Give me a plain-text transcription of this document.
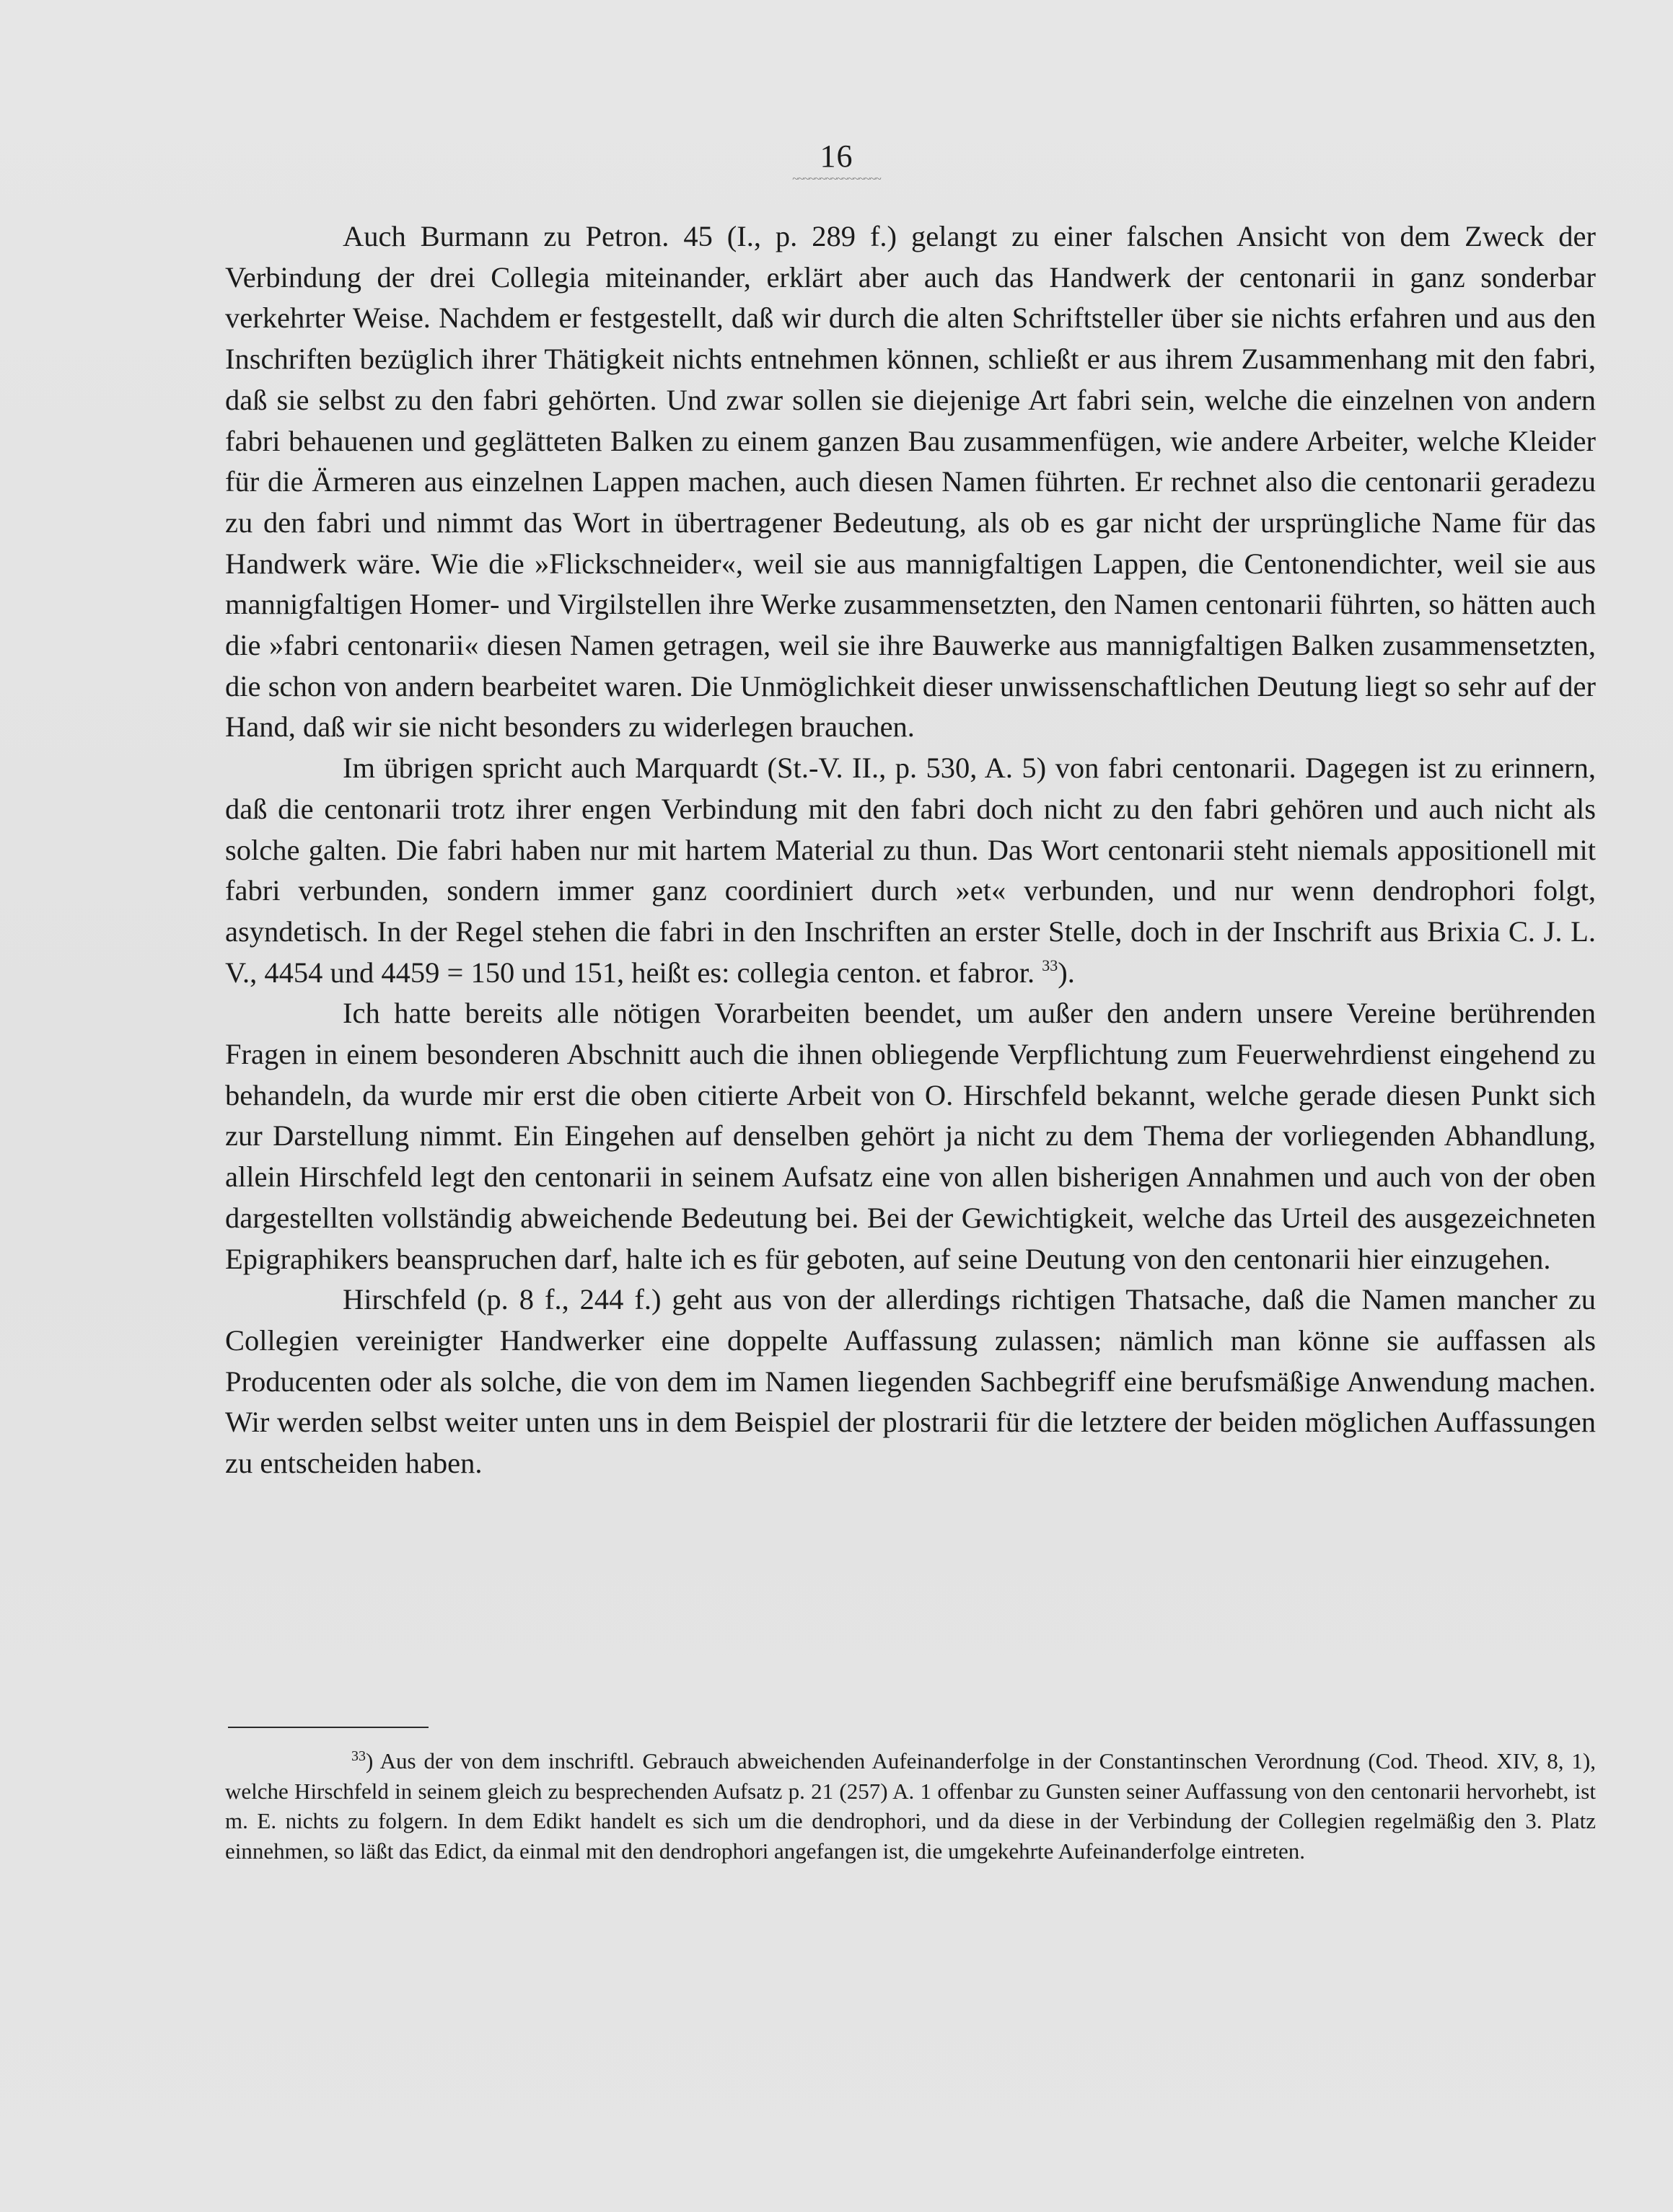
16
~~~~~~~~~~~~~~~~

Auch Burmann zu Petron. 45 (I., p. 289 f.) gelangt zu einer falschen Ansicht von dem Zweck der Verbindung der drei Collegia miteinander, erklärt aber auch das Handwerk der centonarii in ganz sonderbar verkehrter Weise. Nachdem er festgestellt, daß wir durch die alten Schriftsteller über sie nichts erfahren und aus den Inschriften bezüglich ihrer Thätigkeit nichts entnehmen können, schließt er aus ihrem Zusammenhang mit den fabri, daß sie selbst zu den fabri gehörten. Und zwar sollen sie diejenige Art fabri sein, welche die einzelnen von andern fabri behauenen und geglätteten Balken zu einem ganzen Bau zusammenfügen, wie andere Arbeiter, welche Kleider für die Ärmeren aus einzelnen Lappen machen, auch diesen Namen führten. Er rechnet also die centonarii geradezu zu den fabri und nimmt das Wort in übertragener Bedeutung, als ob es gar nicht der ursprüngliche Name für das Handwerk wäre. Wie die »Flickschneider«, weil sie aus mannigfaltigen Lappen, die Centonendichter, weil sie aus mannigfaltigen Homer- und Virgilstellen ihre Werke zusammensetzten, den Namen centonarii führten, so hätten auch die »fabri centonarii« diesen Namen getragen, weil sie ihre Bauwerke aus mannigfaltigen Balken zusammensetzten, die schon von andern bearbeitet waren. Die Unmöglichkeit dieser unwissenschaftlichen Deutung liegt so sehr auf der Hand, daß wir sie nicht besonders zu widerlegen brauchen.

Im übrigen spricht auch Marquardt (St.-V. II., p. 530, A. 5) von fabri centonarii. Dagegen ist zu erinnern, daß die centonarii trotz ihrer engen Verbindung mit den fabri doch nicht zu den fabri gehören und auch nicht als solche galten. Die fabri haben nur mit hartem Material zu thun. Das Wort centonarii steht niemals appositionell mit fabri verbunden, sondern immer ganz coordiniert durch »et« verbunden, und nur wenn dendrophori folgt, asyndetisch. In der Regel stehen die fabri in den Inschriften an erster Stelle, doch in der Inschrift aus Brixia C. J. L. V., 4454 und 4459 = 150 und 151, heißt es: collegia centon. et fabror. $^{33}$).

Ich hatte bereits alle nötigen Vorarbeiten beendet, um außer den andern unsere Vereine berührenden Fragen in einem besonderen Abschnitt auch die ihnen obliegende Verpflichtung zum Feuerwehrdienst eingehend zu behandeln, da wurde mir erst die oben citierte Arbeit von O. Hirschfeld bekannt, welche gerade diesen Punkt sich zur Darstellung nimmt. Ein Eingehen auf denselben gehört ja nicht zu dem Thema der vorliegenden Abhandlung, allein Hirschfeld legt den centonarii in seinem Aufsatz eine von allen bisherigen Annahmen und auch von der oben dargestellten vollständig abweichende Bedeutung bei. Bei der Gewichtigkeit, welche das Urteil des ausgezeichneten Epigraphikers beanspruchen darf, halte ich es für geboten, auf seine Deutung von den centonarii hier einzugehen.

Hirschfeld (p. 8 f., 244 f.) geht aus von der allerdings richtigen Thatsache, daß die Namen mancher zu Collegien vereinigter Handwerker eine doppelte Auffassung zulassen; nämlich man könne sie auffassen als Producenten oder als solche, die von dem im Namen liegenden Sachbegriff eine berufsmäßige Anwendung machen. Wir werden selbst weiter unten uns in dem Beispiel der plostrarii für die letztere der beiden möglichen Auffassungen zu entscheiden haben.

$^{33}$) Aus der von dem inschriftl. Gebrauch abweichenden Aufeinanderfolge in der Constantinschen Verordnung (Cod. Theod. XIV, 8, 1), welche Hirschfeld in seinem gleich zu besprechenden Aufsatz p. 21 (257) A. 1 offenbar zu Gunsten seiner Auffassung von den centonarii hervorhebt, ist m. E. nichts zu folgern. In dem Edikt handelt es sich um die dendrophori, und da diese in der Verbindung der Collegien regelmäßig den 3. Platz einnehmen, so läßt das Edict, da einmal mit den dendrophori angefangen ist, die umgekehrte Aufeinanderfolge eintreten.
